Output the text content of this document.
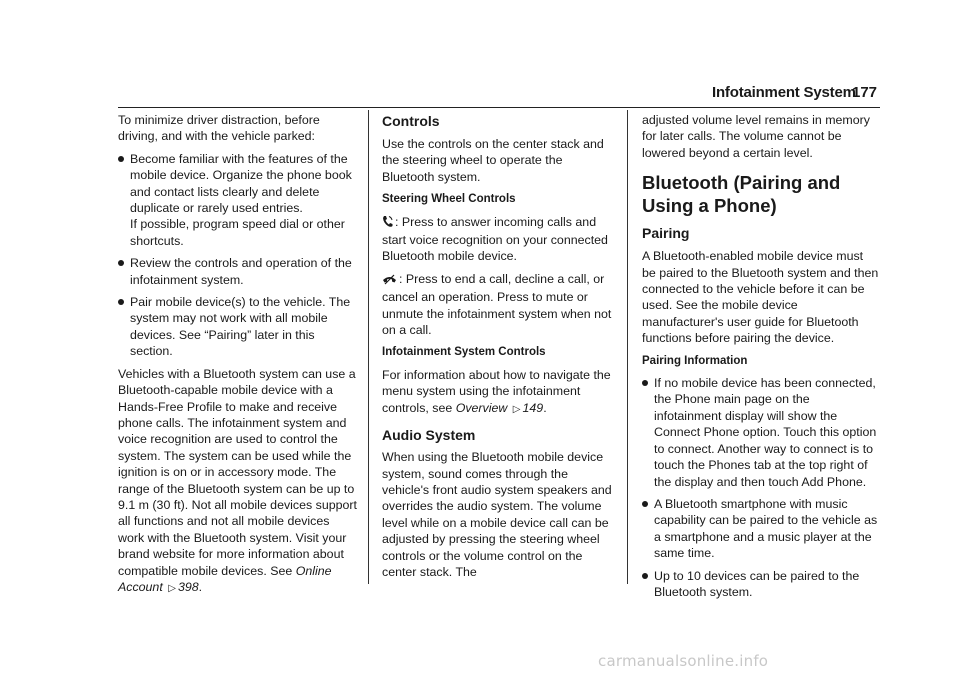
Infotainment System
177

To minimize driver distraction, before driving, and with the vehicle parked:

Become familiar with the features of the mobile device. Organize the phone book and contact lists clearly and delete duplicate or rarely used entries.
If possible, program speed dial or other shortcuts.
Review the controls and operation of the infotainment system.
Pair mobile device(s) to the vehicle. The system may not work with all mobile devices. See “Pairing” later in this section.

Vehicles with a Bluetooth system can use a Bluetooth-capable mobile device with a Hands-Free Profile to make and receive phone calls. The infotainment system and voice recognition are used to control the system. The system can be used while the ignition is on or in accessory mode. The range of the Bluetooth system can be up to 9.1 m (30 ft). Not all mobile devices support all functions and not all mobile devices work with the Bluetooth system. Visit your brand website for more information about compatible mobile devices. See Online Account ▷ 398.

Controls

Use the controls on the center stack and the steering wheel to operate the Bluetooth system.

Steering Wheel Controls

: Press to answer incoming calls and start voice recognition on your connected Bluetooth mobile device.

: Press to end a call, decline a call, or cancel an operation. Press to mute or unmute the infotainment system when not on a call.

Infotainment System Controls

For information about how to navigate the menu system using the infotainment controls, see Overview ▷ 149.

Audio System

When using the Bluetooth mobile device system, sound comes through the vehicle's front audio system speakers and overrides the audio system. The volume level while on a mobile device call can be adjusted by pressing the steering wheel controls or the volume control on the center stack. The

adjusted volume level remains in memory for later calls. The volume cannot be lowered beyond a certain level.

Bluetooth (Pairing and Using a Phone)
Pairing

A Bluetooth-enabled mobile device must be paired to the Bluetooth system and then connected to the vehicle before it can be used. See the mobile device manufacturer's user guide for Bluetooth functions before pairing the device.

Pairing Information

If no mobile device has been connected, the Phone main page on the infotainment display will show the Connect Phone option. Touch this option to connect. Another way to connect is to touch the Phones tab at the top right of the display and then touch Add Phone.
A Bluetooth smartphone with music capability can be paired to the vehicle as a smartphone and a music player at the same time.
Up to 10 devices can be paired to the Bluetooth system.
carmanualsonline.info
